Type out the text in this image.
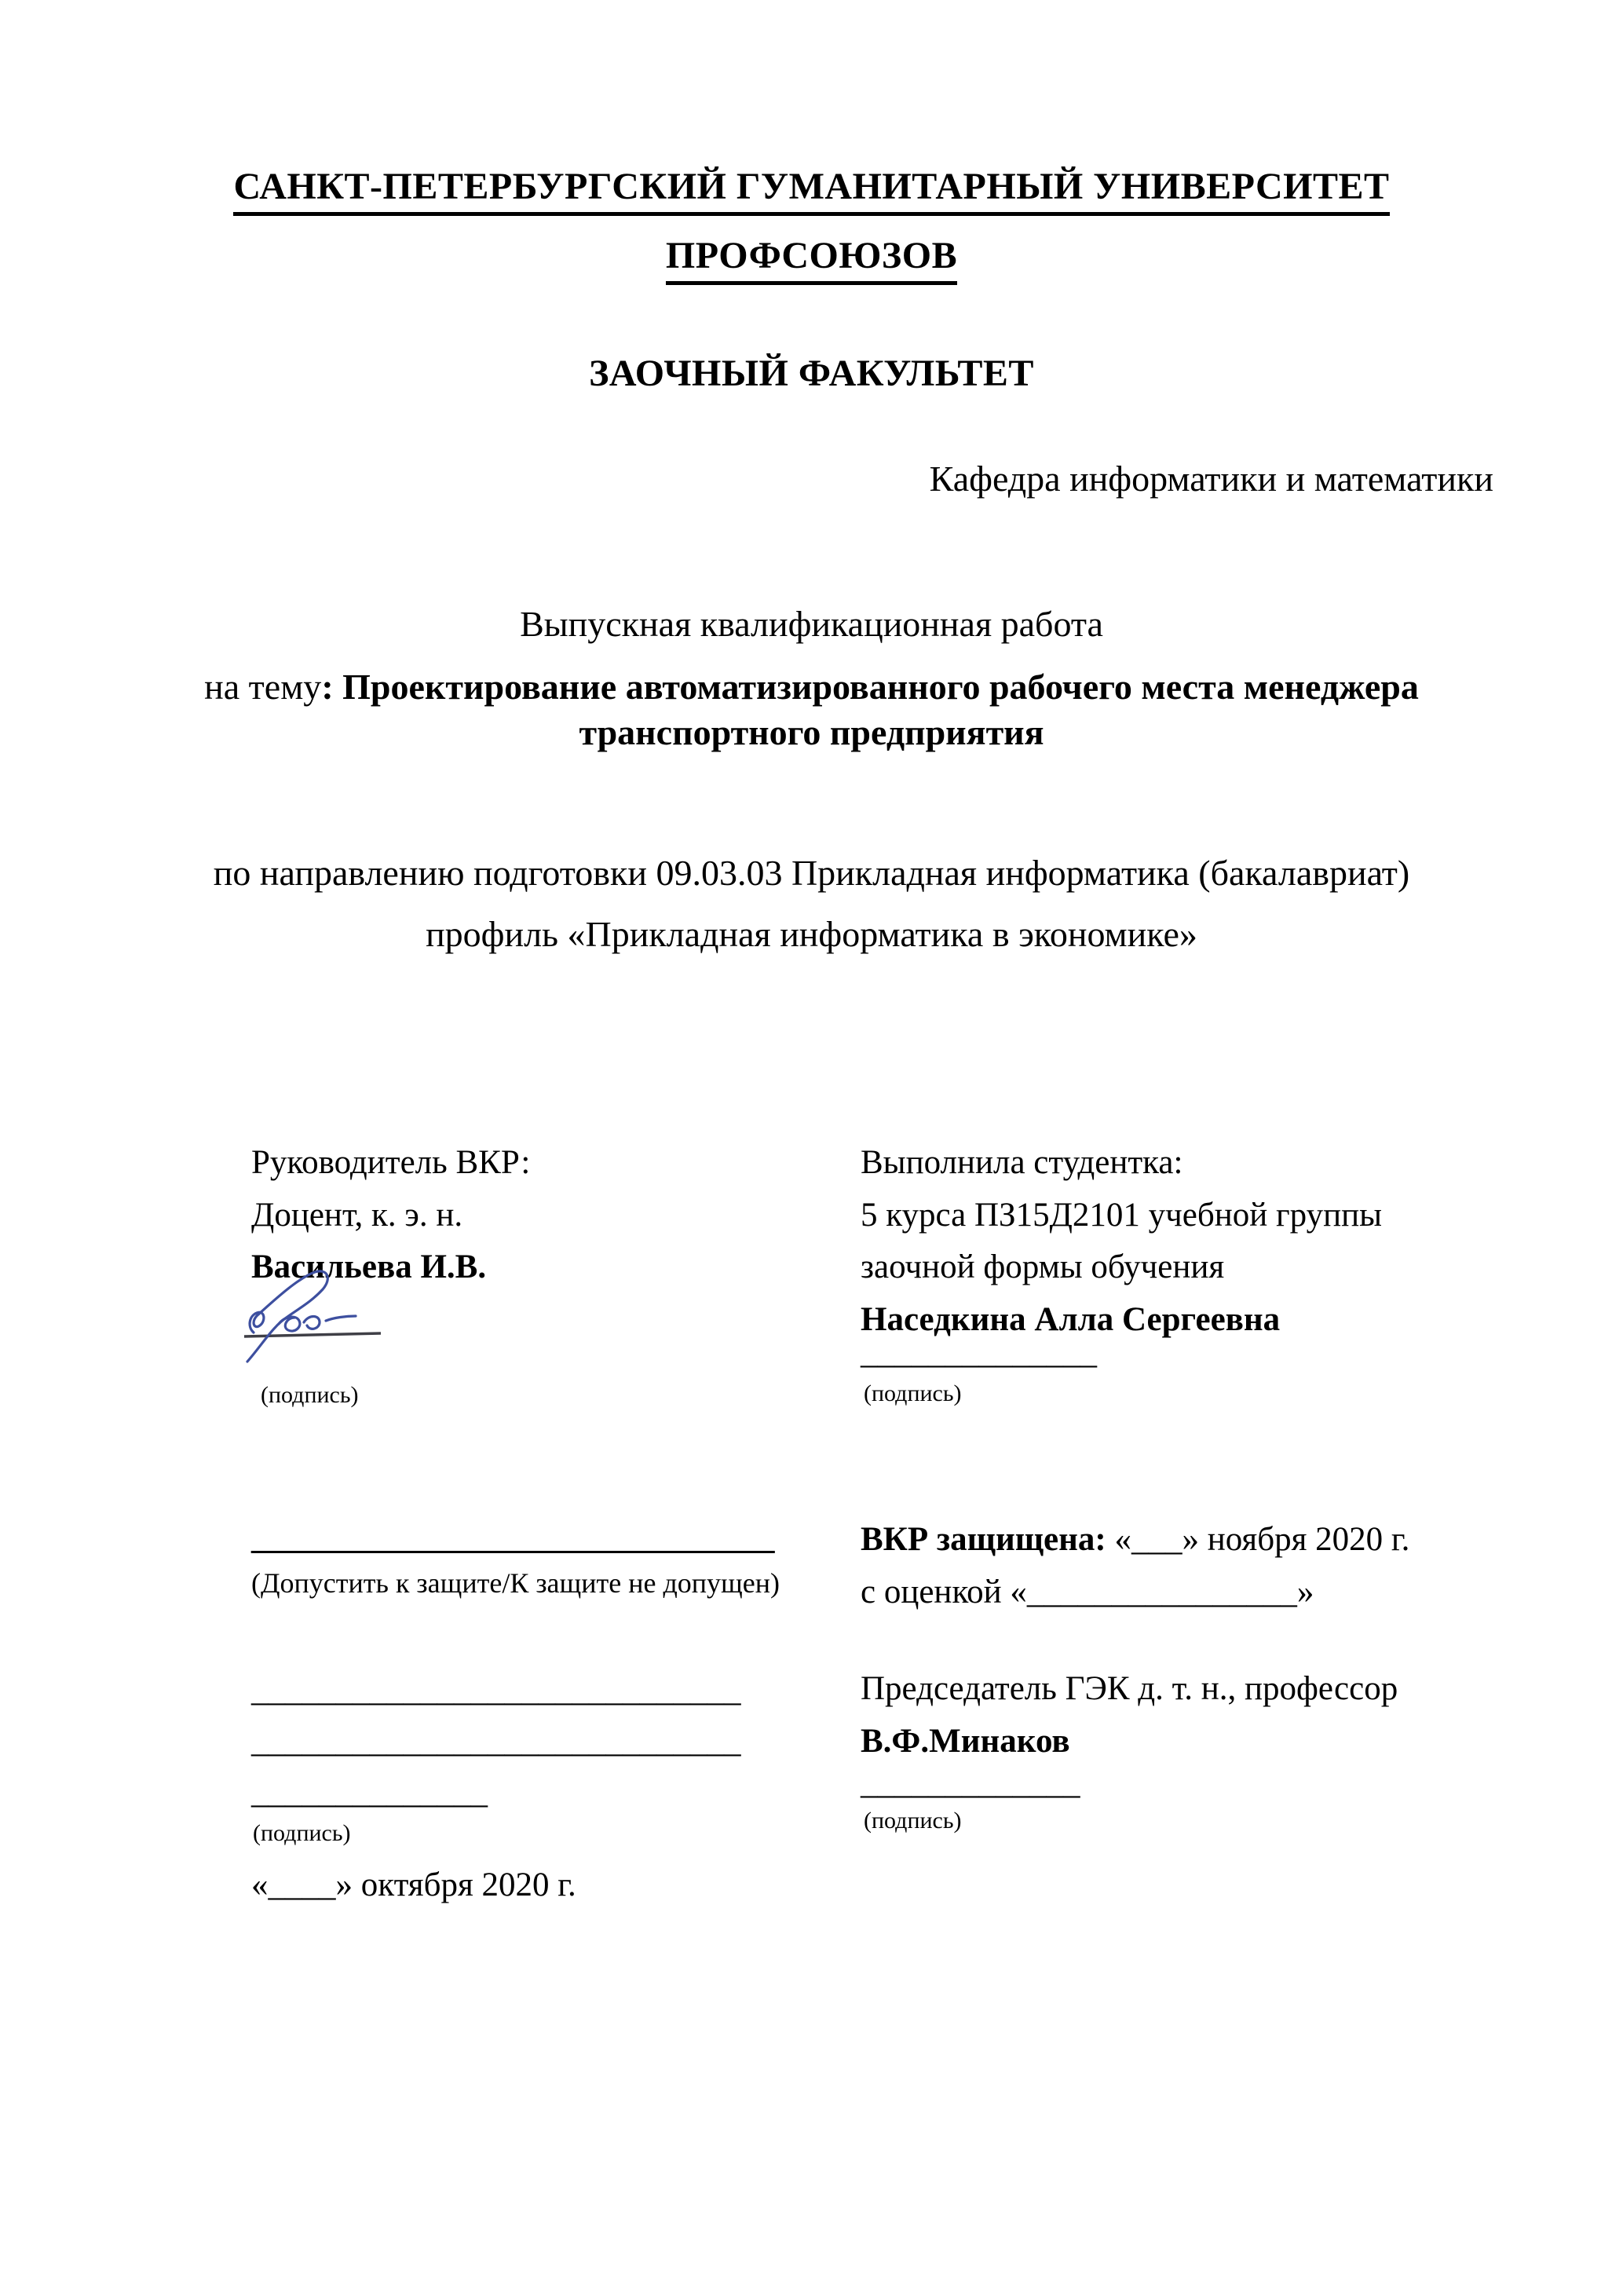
САНКТ-ПЕТЕРБУРГСКИЙ ГУМАНИТАРНЫЙ УНИВЕРСИТЕТ
ПРОФСОЮЗОВ
ЗАОЧНЫЙ ФАКУЛЬТЕТ
Кафедра информатики и математики
Выпускная квалификационная работа
на тему: Проектирование автоматизированного рабочего места менеджера транспортного предприятия
по направлению подготовки 09.03.03 Прикладная информатика (бакалавриат)
профиль «Прикладная информатика в экономике»
Руководитель ВКР:
Доцент, к. э. н.
Васильева И.В.
(подпись)
Выполнила студентка:
5 курса ПЗ15Д2101 учебной группы
заочной формы обучения
Наседкина Алла Сергеевна
______________
(подпись)
_______________________________
(Допустить к защите/К защите не допущен)
_____________________________
_____________________________
______________
(подпись)
«____» октября 2020 г.
ВКР защищена: «___» ноября 2020 г.
с оценкой «________________»
Председатель ГЭК д. т. н., профессор
В.Ф.Минаков
_____________
(подпись)
